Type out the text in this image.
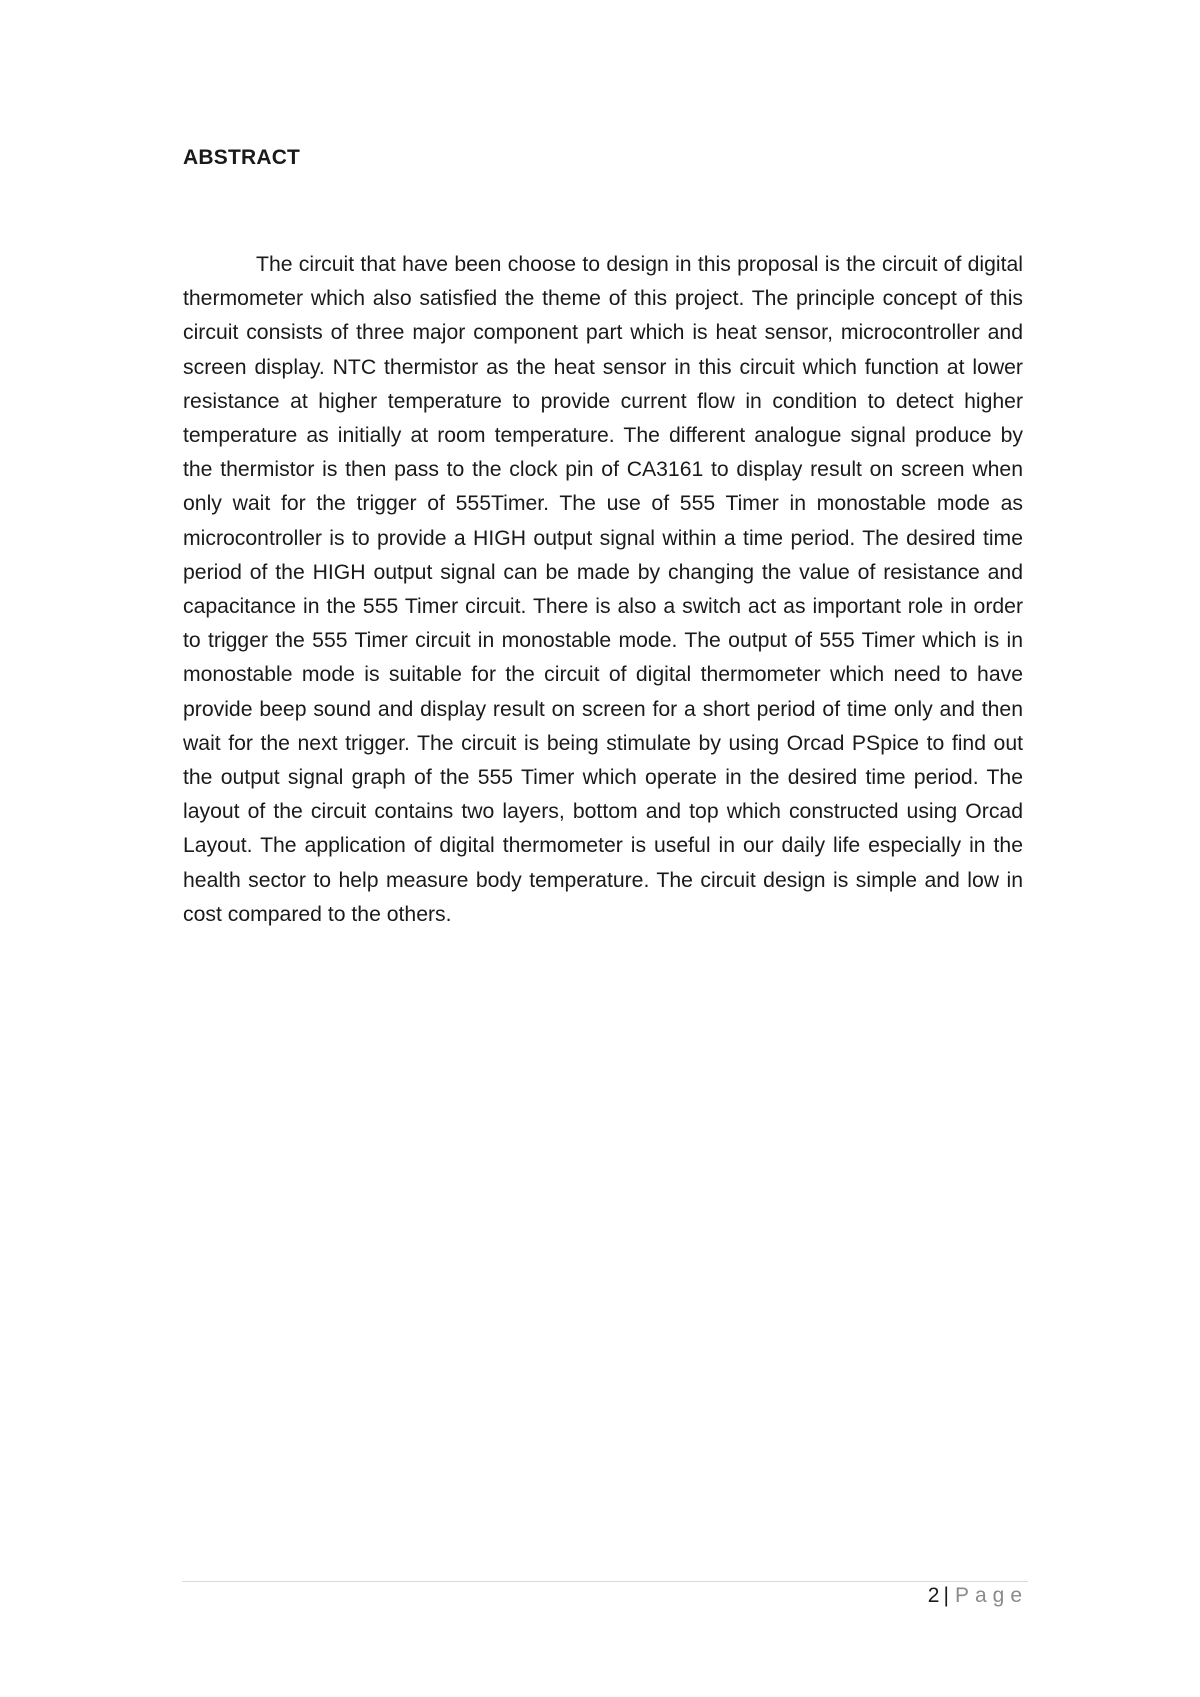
ABSTRACT

The circuit that have been choose to design in this proposal is the circuit of digital thermometer which also satisfied the theme of this project. The principle concept of this circuit consists of three major component part which is heat sensor, microcontroller and screen display. NTC thermistor as the heat sensor in this circuit which function at lower resistance at higher temperature to provide current flow in condition to detect higher temperature as initially at room temperature. The different analogue signal produce by the thermistor is then pass to the clock pin of CA3161 to display result on screen when only wait for the trigger of 555Timer. The use of 555 Timer in monostable mode as microcontroller is to provide a HIGH output signal within a time period. The desired time period of the HIGH output signal can be made by changing the value of resistance and capacitance in the 555 Timer circuit. There is also a switch act as important role in order to trigger the 555 Timer circuit in monostable mode. The output of 555 Timer which is in monostable mode is suitable for the circuit of digital thermometer which need to have provide beep sound and display result on screen for a short period of time only and then wait for the next trigger. The circuit is being stimulate by using Orcad PSpice to find out the output signal graph of the 555 Timer which operate in the desired time period. The layout of the circuit contains two layers, bottom and top which constructed using Orcad Layout. The application of digital thermometer is useful in our daily life especially in the health sector to help measure body temperature. The circuit design is simple and low in cost compared to the others.

2 | Page
